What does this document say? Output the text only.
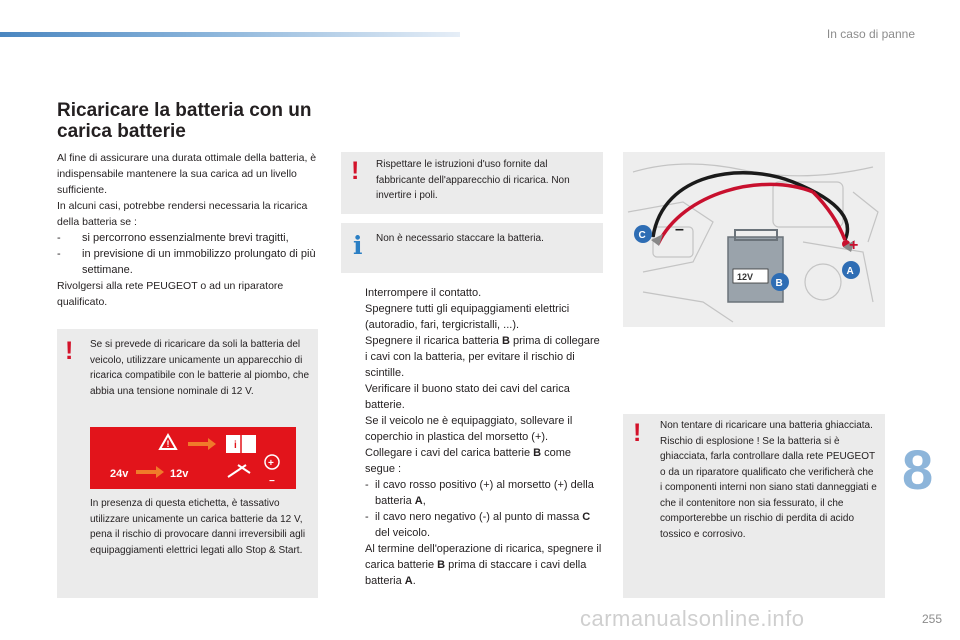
In caso di panne
Ricaricare la batteria con un carica batterie

Al fine di assicurare una durata ottimale della batteria, è indispensabile mantenere la sua carica ad un livello sufficiente.

In alcuni casi, potrebbe rendersi necessaria la ricarica della batteria se :

- si percorrono essenzialmente brevi tragitti,
- in previsione di un immobilizzo prolungato di più settimane.

Rivolgersi alla rete PEUGEOT o ad un riparatore qualificato.

! Se si prevede di ricaricare da soli la batteria del veicolo, utilizzare unicamente un apparecchio di ricarica compatibile con le batterie al piombo, che abbia una tensione nominale di 12 V.
In presenza di questa etichetta, è tassativo utilizzare unicamente un carica batterie da 12 V, pena il rischio di provocare danni irreversibili agli equipaggiamenti elettrici legati allo Stop & Start.
!	i
24v	12v
+
−
! Rispettare le istruzioni d'uso fornite dal fabbricante dell'apparecchio di ricarica. Non invertire i poli.
i Non è necessario staccare la batteria.
Interrompere il contatto.
Spegnere tutti gli equipaggiamenti elettrici (autoradio, fari, tergicristalli, ...).
Spegnere il ricarica batteria B prima di collegare i cavi con la batteria, per evitare il rischio di scintille.
Verificare il buono stato dei cavi del carica batterie.
Se il veicolo ne è equipaggiato, sollevare il coperchio in plastica del morsetto (+).
Collegare i cavi del carica batterie B come segue :
- il cavo rosso positivo (+) al morsetto (+) della batteria A,
- il cavo nero negativo (-) al punto di massa C del veicolo.
Al termine dell'operazione di ricarica, spegnere il carica batterie B prima di staccare i cavi della batteria A.
12V
–
+
C
B
A
! Non tentare di ricaricare una batteria ghiacciata. Rischio di esplosione ! Se la batteria si è ghiacciata, farla controllare dalla rete PEUGEOT o da un riparatore qualificato che verificherà che i componenti interni non siano stati danneggiati e che il contenitore non sia fessurato, il che comporterebbe un rischio di perdita di acido tossico e corrosivo.
8
carmanualsonline.info	255
